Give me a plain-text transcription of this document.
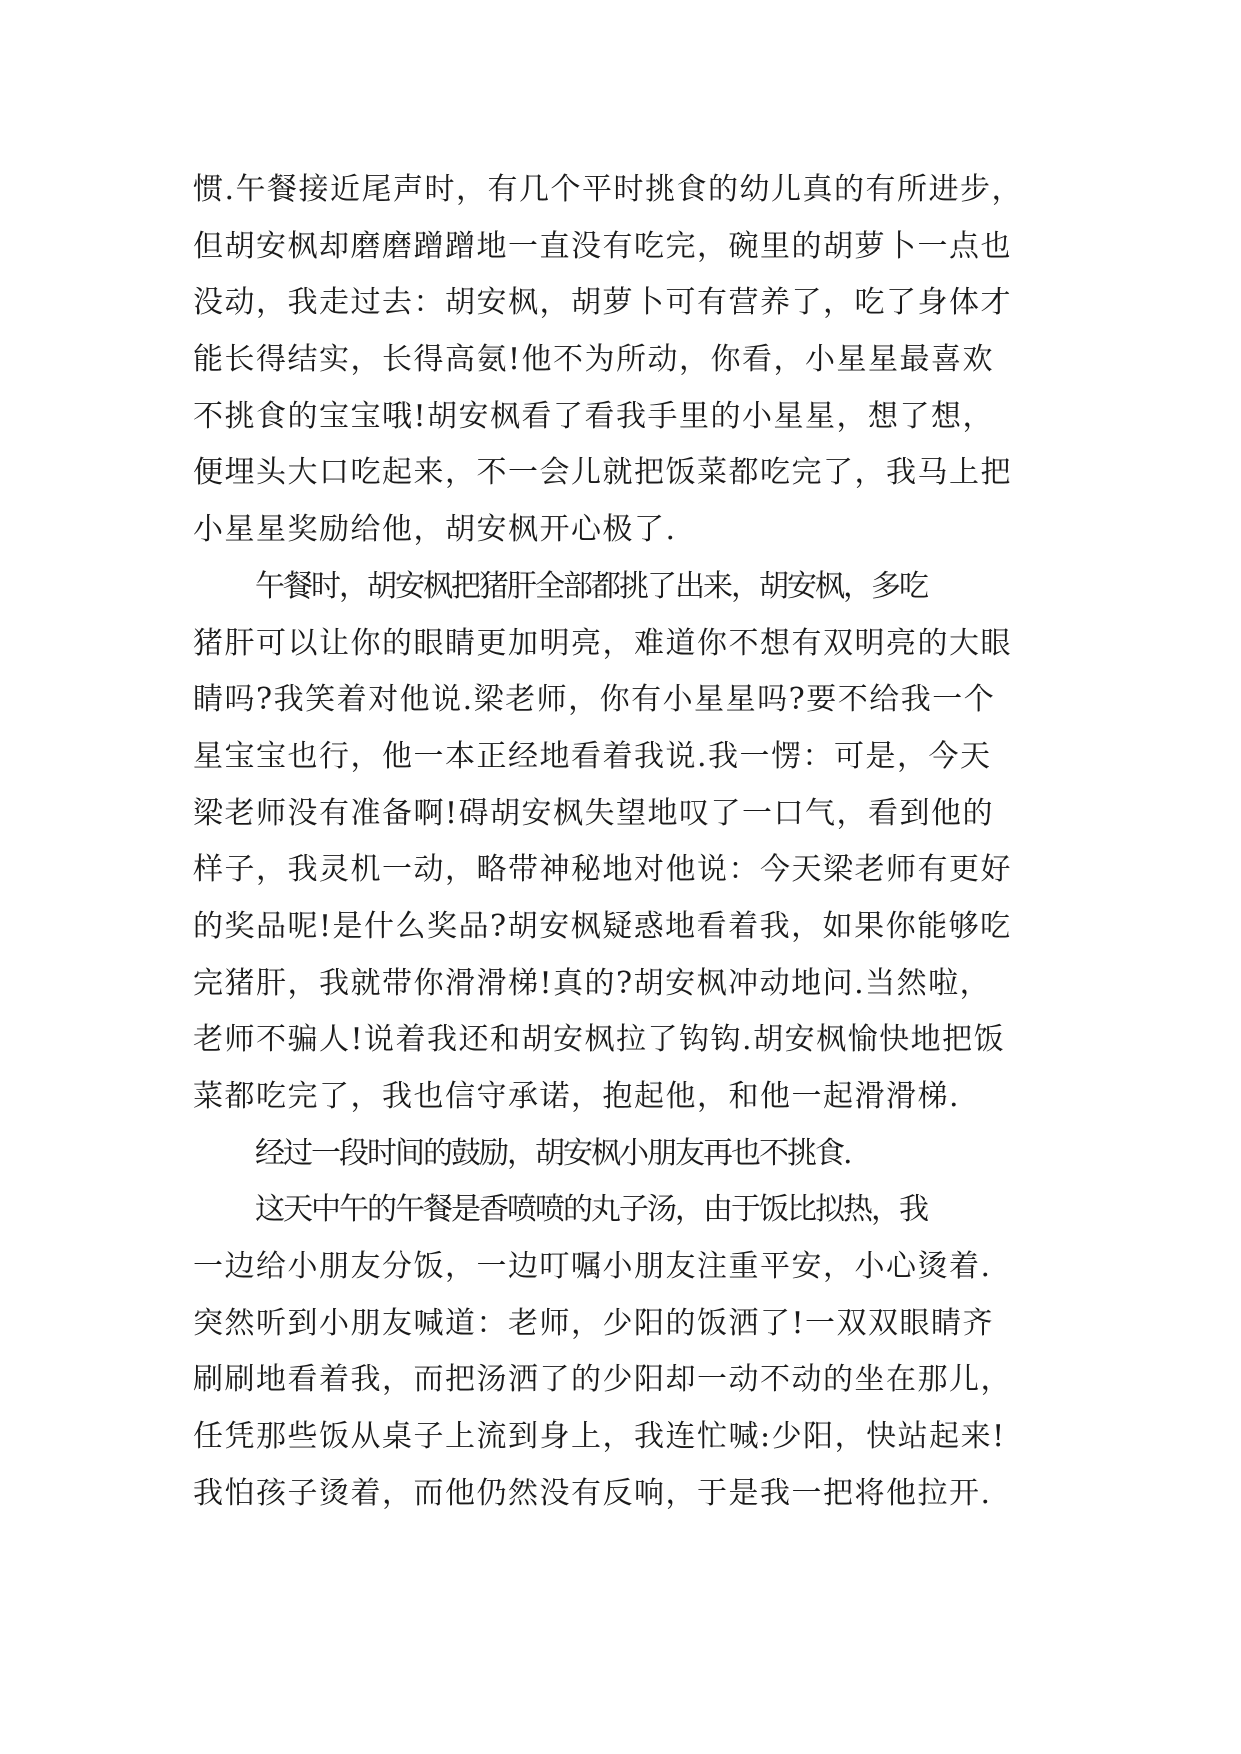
惯.午餐接近尾声时，有几个平时挑食的幼儿真的有所进步，
但胡安枫却磨磨蹭蹭地一直没有吃完，碗里的胡萝卜一点也
没动，我走过去：胡安枫，胡萝卜可有营养了，吃了身体才
能长得结实，长得高氨!他不为所动，你看，小星星最喜欢
不挑食的宝宝哦!胡安枫看了看我手里的小星星，想了想，
便埋头大口吃起来，不一会儿就把饭菜都吃完了，我马上把
小星星奖励给他，胡安枫开心极了.
午餐时，胡安枫把猪肝全部都挑了出来，胡安枫，多吃
猪肝可以让你的眼睛更加明亮，难道你不想有双明亮的大眼
睛吗?我笑着对他说.梁老师，你有小星星吗?要不给我一个
星宝宝也行，他一本正经地看着我说.我一愣：可是，今天
梁老师没有准备啊!碍胡安枫失望地叹了一口气，看到他的
样子，我灵机一动，略带神秘地对他说：今天梁老师有更好
的奖品呢!是什么奖品?胡安枫疑惑地看着我，如果你能够吃
完猪肝，我就带你滑滑梯!真的?胡安枫冲动地问.当然啦，
老师不骗人!说着我还和胡安枫拉了钩钩.胡安枫愉快地把饭
菜都吃完了，我也信守承诺，抱起他，和他一起滑滑梯.
经过一段时间的鼓励，胡安枫小朋友再也不挑食.
这天中午的午餐是香喷喷的丸子汤，由于饭比拟热，我
一边给小朋友分饭，一边叮嘱小朋友注重平安，小心烫着.
突然听到小朋友喊道：老师，少阳的饭洒了!一双双眼睛齐
刷刷地看着我，而把汤洒了的少阳却一动不动的坐在那儿，
任凭那些饭从桌子上流到身上，我连忙喊:少阳，快站起来!
我怕孩子烫着，而他仍然没有反响，于是我一把将他拉开.
